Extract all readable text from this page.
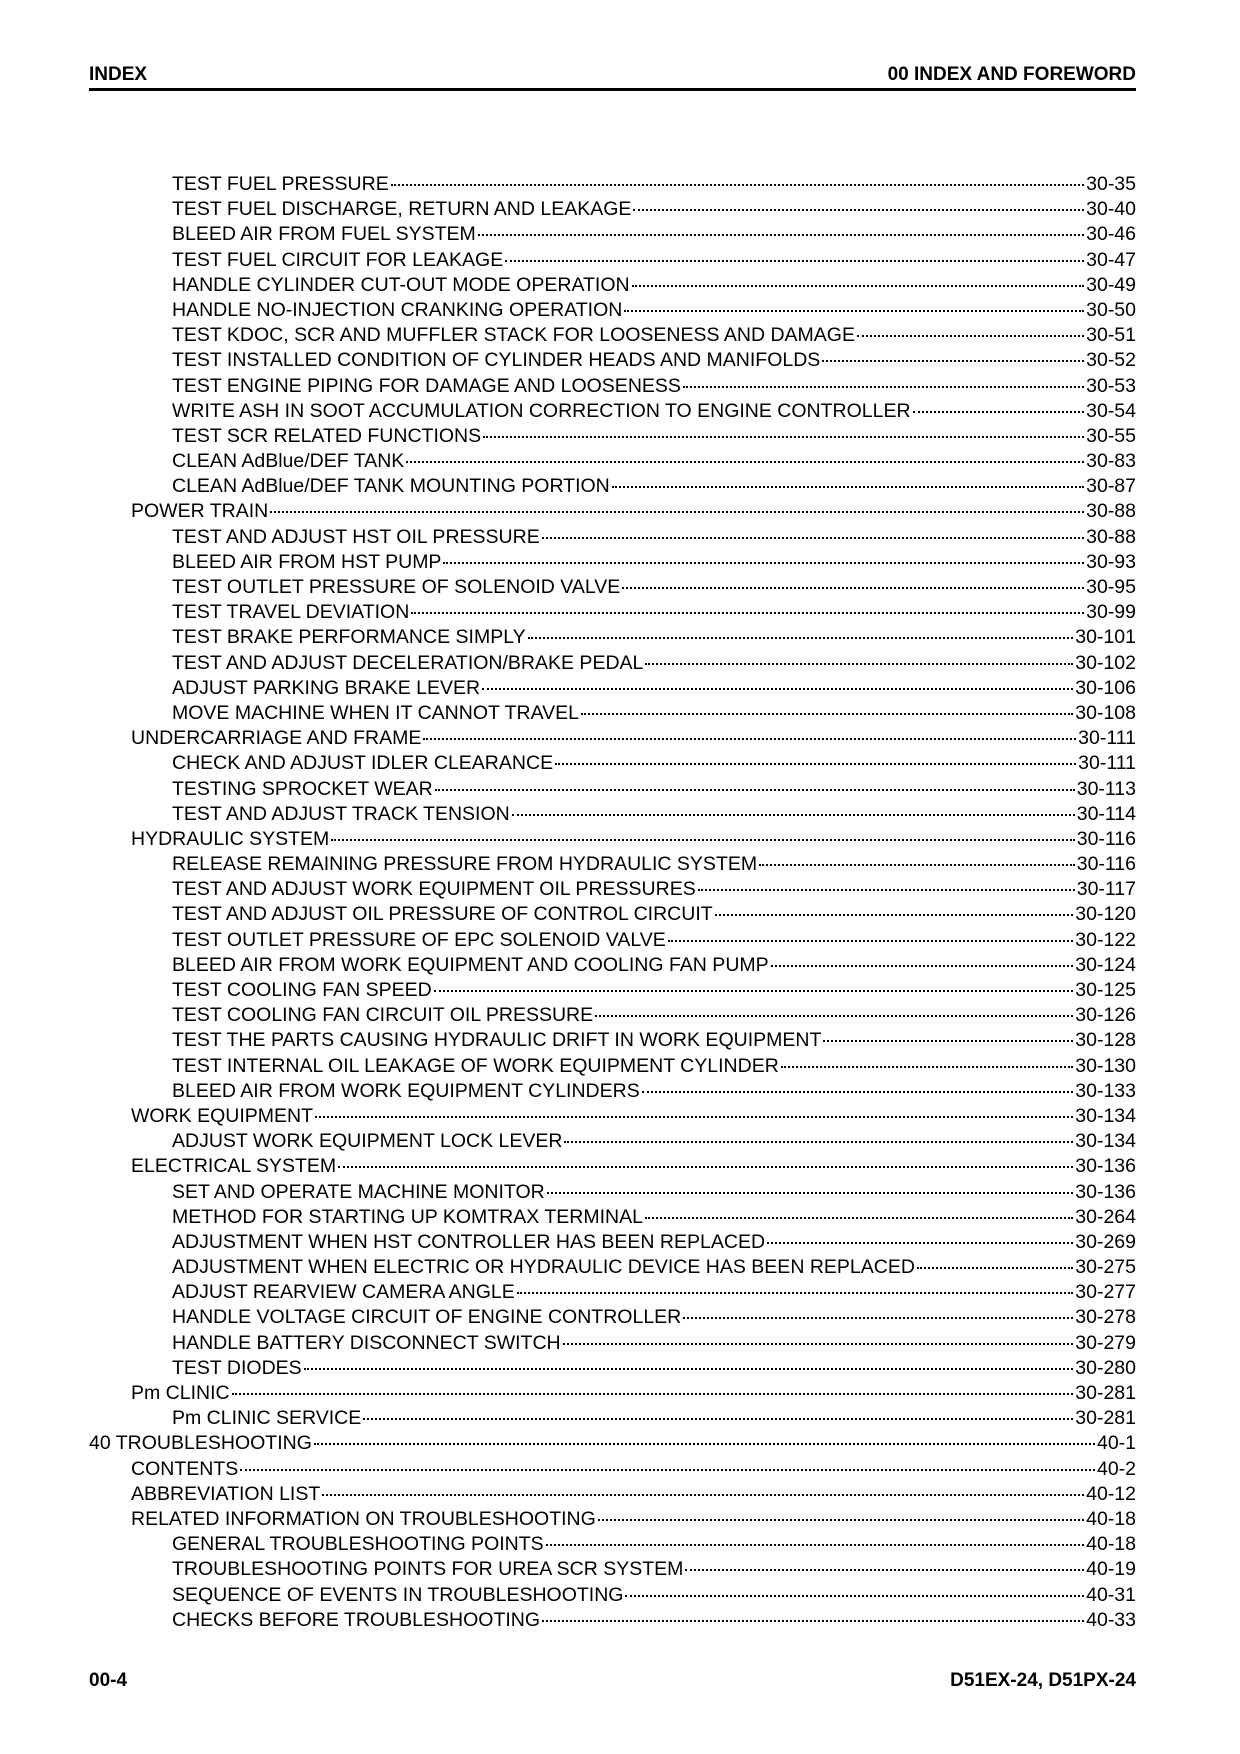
INDEX	00 INDEX AND FOREWORD
TEST FUEL PRESSURE	30-35
TEST FUEL DISCHARGE, RETURN AND LEAKAGE	30-40
BLEED AIR FROM FUEL SYSTEM	30-46
TEST FUEL CIRCUIT FOR LEAKAGE	30-47
HANDLE CYLINDER CUT-OUT MODE OPERATION	30-49
HANDLE NO-INJECTION CRANKING OPERATION	30-50
TEST KDOC, SCR AND MUFFLER STACK FOR LOOSENESS AND DAMAGE	30-51
TEST INSTALLED CONDITION OF CYLINDER HEADS AND MANIFOLDS	30-52
TEST ENGINE PIPING FOR DAMAGE AND LOOSENESS	30-53
WRITE ASH IN SOOT ACCUMULATION CORRECTION TO ENGINE CONTROLLER	30-54
TEST SCR RELATED FUNCTIONS	30-55
CLEAN AdBlue/DEF TANK	30-83
CLEAN AdBlue/DEF TANK MOUNTING PORTION	30-87
POWER TRAIN	30-88
TEST AND ADJUST HST OIL PRESSURE	30-88
BLEED AIR FROM HST PUMP	30-93
TEST OUTLET PRESSURE OF SOLENOID VALVE	30-95
TEST TRAVEL DEVIATION	30-99
TEST BRAKE PERFORMANCE SIMPLY	30-101
TEST AND ADJUST DECELERATION/BRAKE PEDAL	30-102
ADJUST PARKING BRAKE LEVER	30-106
MOVE MACHINE WHEN IT CANNOT TRAVEL	30-108
UNDERCARRIAGE AND FRAME	30-111
CHECK AND ADJUST IDLER CLEARANCE	30-111
TESTING SPROCKET WEAR	30-113
TEST AND ADJUST TRACK TENSION	30-114
HYDRAULIC SYSTEM	30-116
RELEASE REMAINING PRESSURE FROM HYDRAULIC SYSTEM	30-116
TEST AND ADJUST WORK EQUIPMENT OIL PRESSURES	30-117
TEST AND ADJUST OIL PRESSURE OF CONTROL CIRCUIT	30-120
TEST OUTLET PRESSURE OF EPC SOLENOID VALVE	30-122
BLEED AIR FROM WORK EQUIPMENT AND COOLING FAN PUMP	30-124
TEST COOLING FAN SPEED	30-125
TEST COOLING FAN CIRCUIT OIL PRESSURE	30-126
TEST THE PARTS CAUSING HYDRAULIC DRIFT IN WORK EQUIPMENT	30-128
TEST INTERNAL OIL LEAKAGE OF WORK EQUIPMENT CYLINDER	30-130
BLEED AIR FROM WORK EQUIPMENT CYLINDERS	30-133
WORK EQUIPMENT	30-134
ADJUST WORK EQUIPMENT LOCK LEVER	30-134
ELECTRICAL SYSTEM	30-136
SET AND OPERATE MACHINE MONITOR	30-136
METHOD FOR STARTING UP KOMTRAX TERMINAL	30-264
ADJUSTMENT WHEN HST CONTROLLER HAS BEEN REPLACED	30-269
ADJUSTMENT WHEN ELECTRIC OR HYDRAULIC DEVICE HAS BEEN REPLACED	30-275
ADJUST REARVIEW CAMERA ANGLE	30-277
HANDLE VOLTAGE CIRCUIT OF ENGINE CONTROLLER	30-278
HANDLE BATTERY DISCONNECT SWITCH	30-279
TEST DIODES	30-280
Pm CLINIC	30-281
Pm CLINIC SERVICE	30-281
40 TROUBLESHOOTING	40-1
CONTENTS	40-2
ABBREVIATION LIST	40-12
RELATED INFORMATION ON TROUBLESHOOTING	40-18
GENERAL TROUBLESHOOTING POINTS	40-18
TROUBLESHOOTING POINTS FOR UREA SCR SYSTEM	40-19
SEQUENCE OF EVENTS IN TROUBLESHOOTING	40-31
CHECKS BEFORE TROUBLESHOOTING	40-33
00-4	D51EX-24, D51PX-24
